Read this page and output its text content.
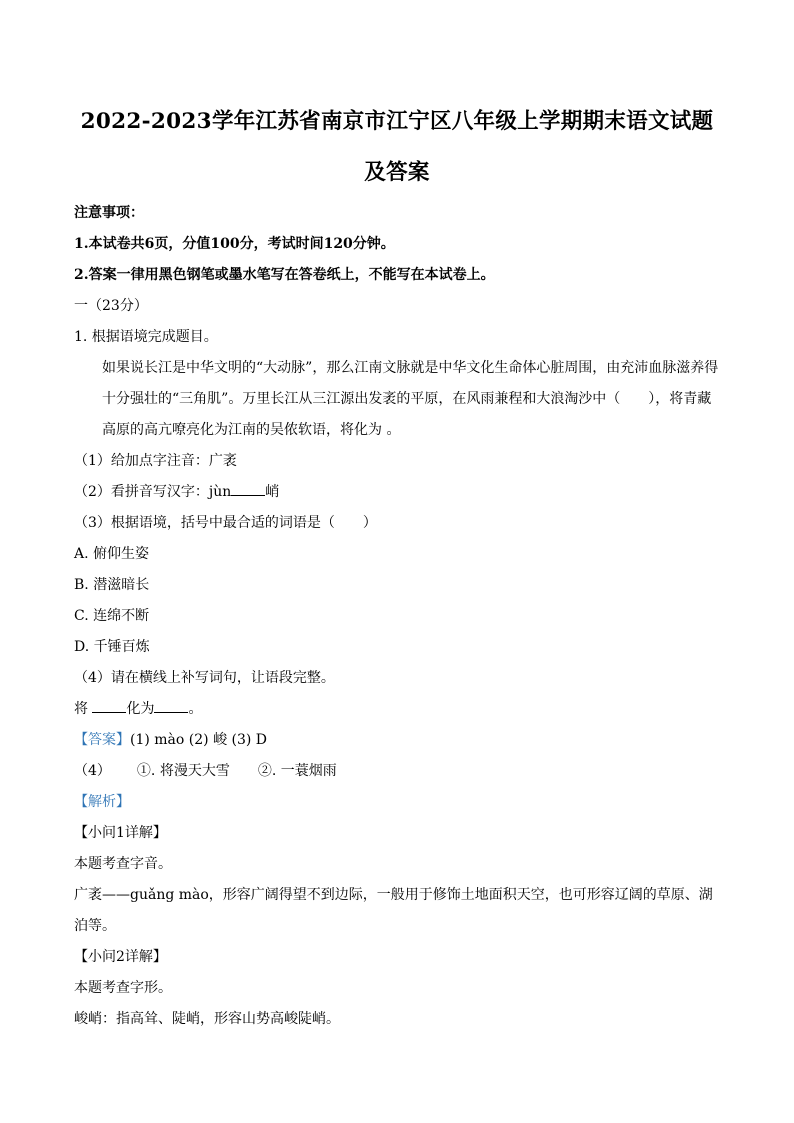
2022-2023学年江苏省南京市江宁区八年级上学期期末语文试题及答案

注意事项：

1.本试卷共6页，分值100分，考试时间120分钟。

2.答案一律用黑色钢笔或墨水笔写在答卷纸上，不能写在本试卷上。

一（23分）

1. 根据语境完成题目。

如果说长江是中华文明的“大动脉”，那么江南文脉就是中华文化生命体心脏周围，由充沛血脉滋养得十分强壮的“三角肌”。万里长江从三江源出发袤的平原，在风雨兼程和大浪淘沙中（　　），将青藏高原的高亢嘹亮化为江南的吴侬软语，将化为 。

（1）给加点字注音：广袤

（2）看拼音写汉字：jùn 峭

（3）根据语境，括号中最合适的词语是（　　）

A. 俯仰生姿

B. 潜滋暗长

C. 连绵不断

D. 千锤百炼

（4）请在横线上补写词句，让语段完整。

将 化为 。

【答案】(1) mào (2) 峻 (3) D

（4） ①. 将漫天大雪 ②. 一蓑烟雨

【解析】

【小问1详解】

本题考查字音。

广袤——guǎng mào，形容广阔得望不到边际，一般用于修饰土地面积天空，也可形容辽阔的草原、湖泊等。

【小问2详解】

本题考查字形。

峻峭：指高耸、陡峭，形容山势高峻陡峭。
